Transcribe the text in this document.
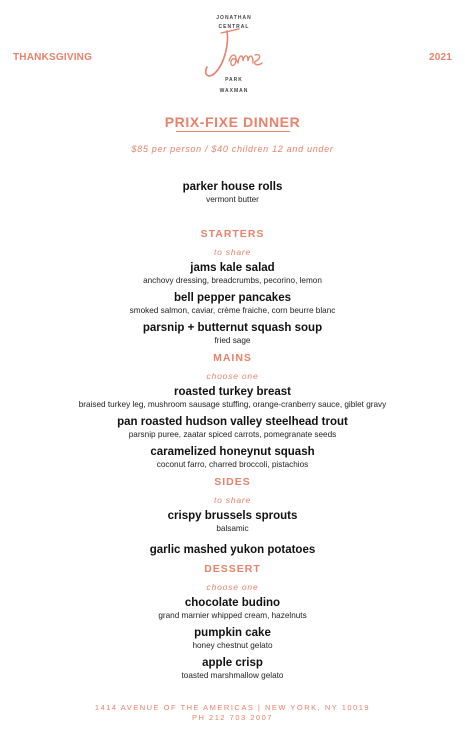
THANKSGIVING	2021
JONATHAN
CENTRAL
PARK
WAXMAN
PRIX-FIXE DINNER
$85 per person / $40 children 12 and under
parker house rolls
vermont butter
STARTERS
to share
jams kale salad
anchovy dressing, breadcrumbs, pecorino, lemon
bell pepper pancakes
smoked salmon, caviar, crème fraiche, corn beurre blanc
parsnip + butternut squash soup
fried sage
MAINS
choose one
roasted turkey breast
braised turkey leg, mushroom sausage stuffing, orange-cranberry sauce, giblet gravy
pan roasted hudson valley steelhead trout
parsnip puree, zaatar spiced carrots, pomegranate seeds
caramelized honeynut squash
coconut farro, charred broccoli, pistachios
SIDES
to share
crispy brussels sprouts
balsamic
garlic mashed yukon potatoes
DESSERT
choose one
chocolate budino
grand marnier whipped cream, hazelnuts
pumpkin cake
honey chestnut gelato
apple crisp
toasted marshmallow gelato
1414 AVENUE OF THE AMERICAS | NEW YORK, NY 10019
PH 212 703 2007
